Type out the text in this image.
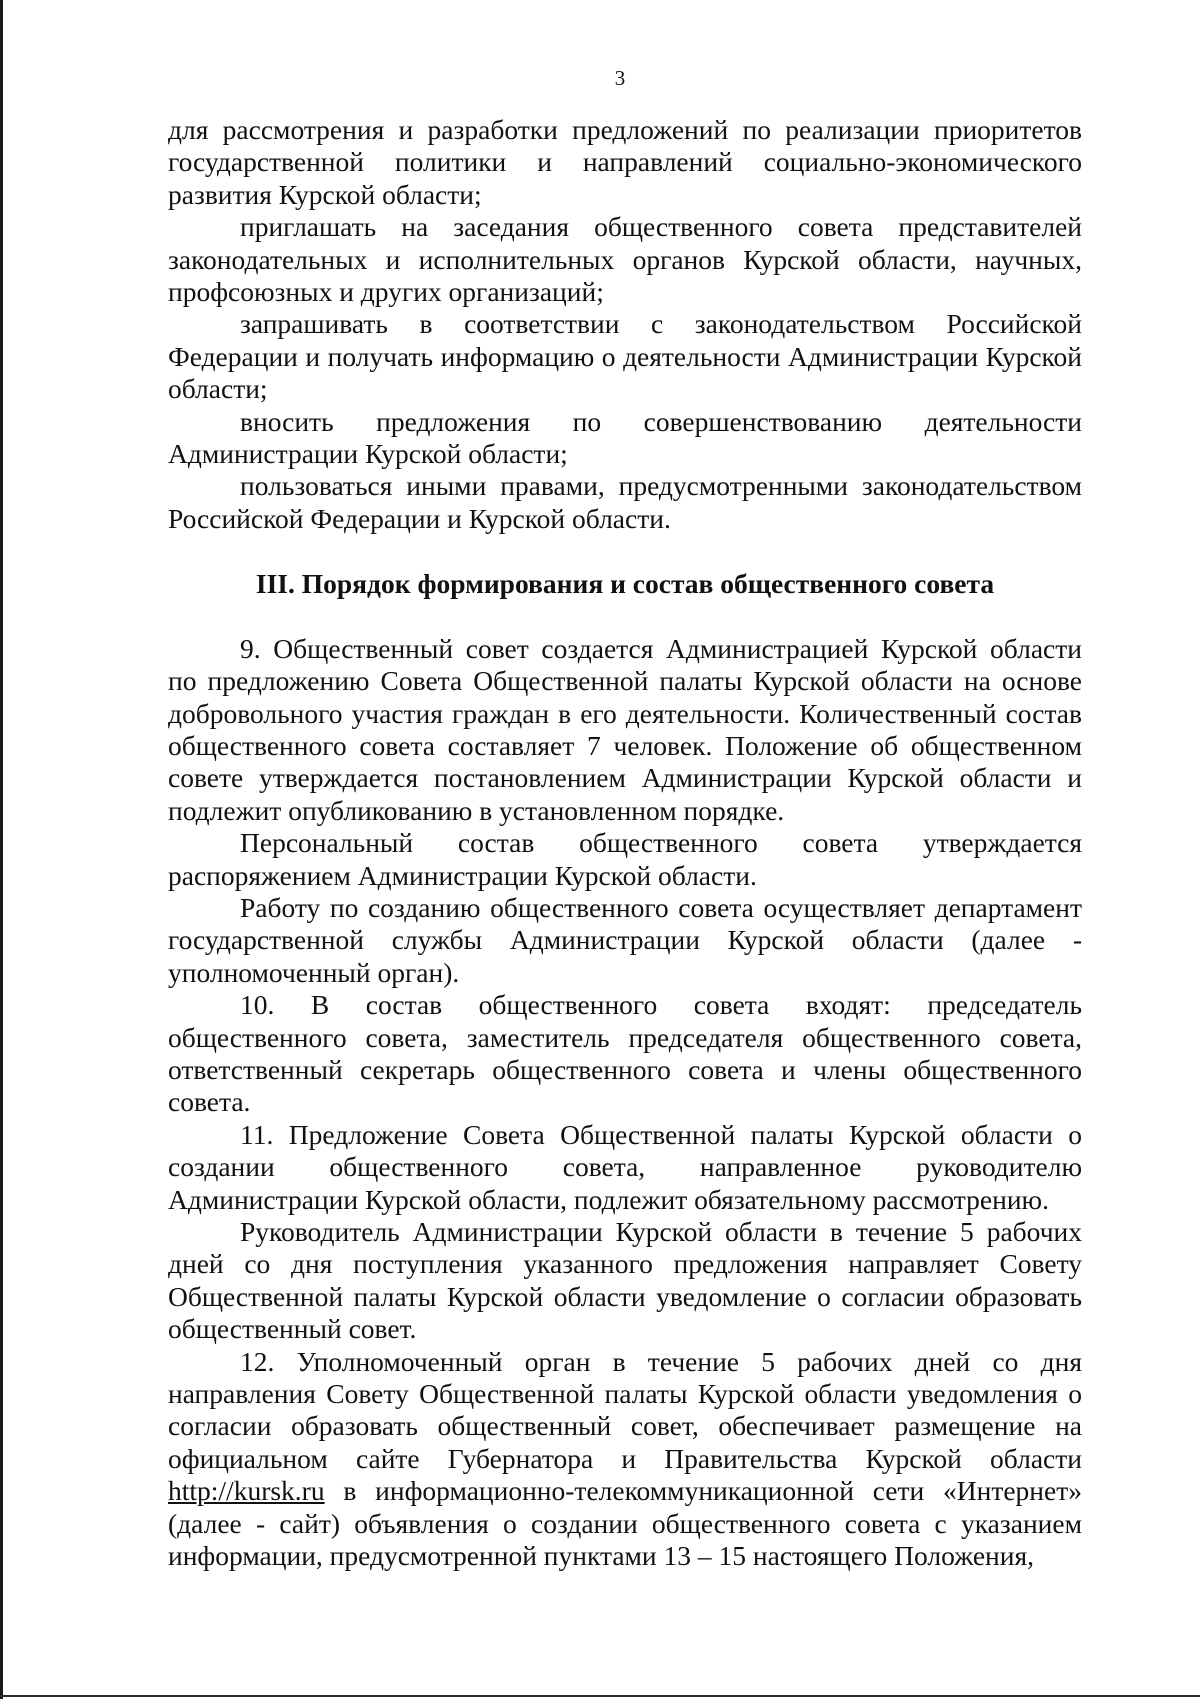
3

для рассмотрения и разработки предложений по реализации приоритетов государственной политики и направлений социально-экономического развития Курской области;

приглашать на заседания общественного совета представителей законодательных и исполнительных органов Курской области, научных, профсоюзных и других организаций;

запрашивать в соответствии с законодательством Российской Федерации и получать информацию о деятельности Администрации Курской области;

вносить предложения по совершенствованию деятельности Администрации Курской области;

пользоваться иными правами, предусмотренными законодательством Российской Федерации и Курской области.

III. Порядок формирования и состав общественного совета

9. Общественный совет создается Администрацией Курской области по предложению Совета Общественной палаты Курской области на основе добровольного участия граждан в его деятельности. Количественный состав общественного совета составляет 7 человек. Положение об общественном совете утверждается постановлением Администрации Курской области и подлежит опубликованию в установленном порядке.

Персональный состав общественного совета утверждается распоряжением Администрации Курской области.

Работу по созданию общественного совета осуществляет департамент государственной службы Администрации Курской области (далее - уполномоченный орган).

10. В состав общественного совета входят: председатель общественного совета, заместитель председателя общественного совета, ответственный секретарь общественного совета и члены общественного совета.

11. Предложение Совета Общественной палаты Курской области о создании общественного совета, направленное руководителю Администрации Курской области, подлежит обязательному рассмотрению.

Руководитель Администрации Курской области в течение 5 рабочих дней со дня поступления указанного предложения направляет Совету Общественной палаты Курской области уведомление о согласии образовать общественный совет.

12. Уполномоченный орган в течение 5 рабочих дней со дня направления Совету Общественной палаты Курской области уведомления о согласии образовать общественный совет, обеспечивает размещение на официальном сайте Губернатора и Правительства Курской области http://kursk.ru в информационно-телекоммуникационной сети «Интернет» (далее - сайт) объявления о создании общественного совета с указанием информации, предусмотренной пунктами 13 – 15 настоящего Положения,
